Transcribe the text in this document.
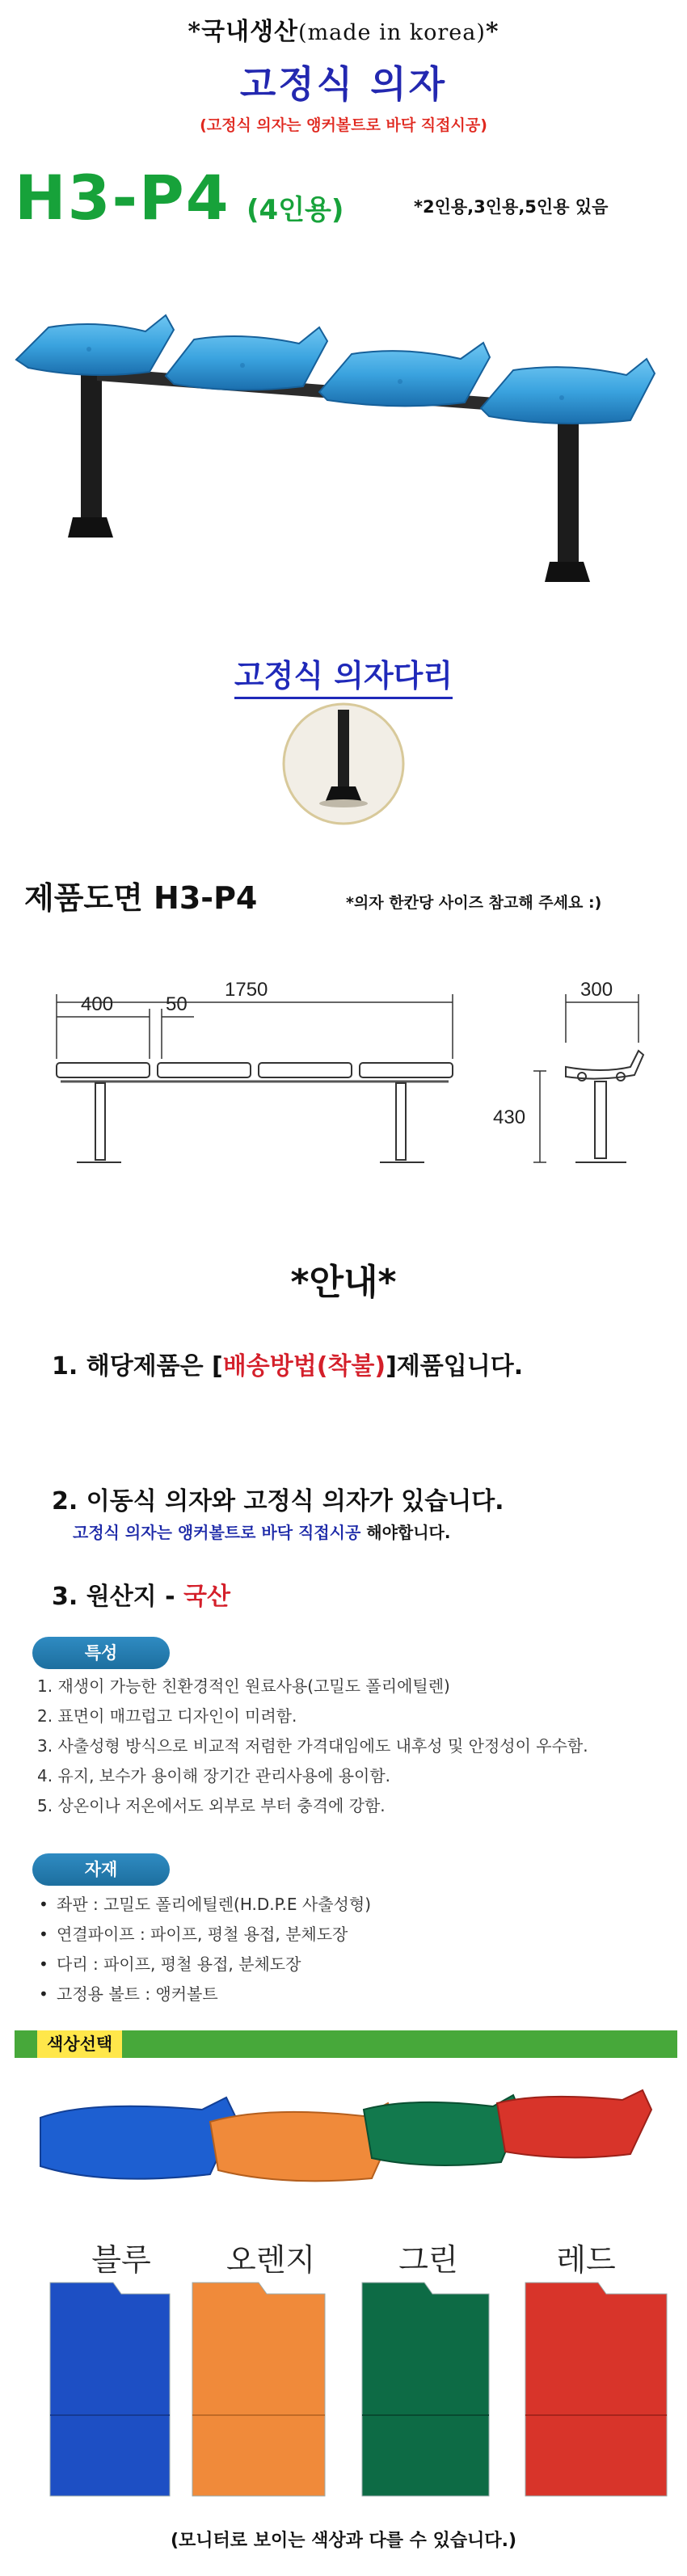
*국내생산(made in korea)*
고정식 의자
(고정식 의자는 앵커볼트로 바닥 직접시공)
H3-P4 (4인용)	*2인용,3인용,5인용 있음
고정식 의자다리
제품도면 H3-P4	*의자 한칸당 사이즈 참고해 주세요 :)
1750
400	50
300
430
*안내*
1. 해당제품은 [배송방법(착불)]제품입니다.
2. 이동식 의자와 고정식 의자가 있습니다.
고정식 의자는 앵커볼트로 바닥 직접시공 해야합니다.
3. 원산지 - 국산
특성
1. 재생이 가능한 친환경적인 원료사용(고밀도 폴리에틸렌)
2. 표면이 매끄럽고 디자인이 미려함.
3. 사출성형 방식으로 비교적 저렴한 가격대임에도 내후성 및 안정성이 우수함.
4. 유지, 보수가 용이해 장기간 관리사용에 용이함.
5. 상온이나 저온에서도 외부로 부터 충격에 강함.
자재
• 좌판 : 고밀도 폴리에틸렌(H.D.P.E 사출성형)
• 연결파이프 : 파이프, 평철 용접, 분체도장
• 다리 : 파이프, 평철 용접, 분체도장
• 고정용 볼트 : 앵커볼트
색상선택
블루	오렌지	그린	레드
(모니터로 보이는 색상과 다를 수 있습니다.)
